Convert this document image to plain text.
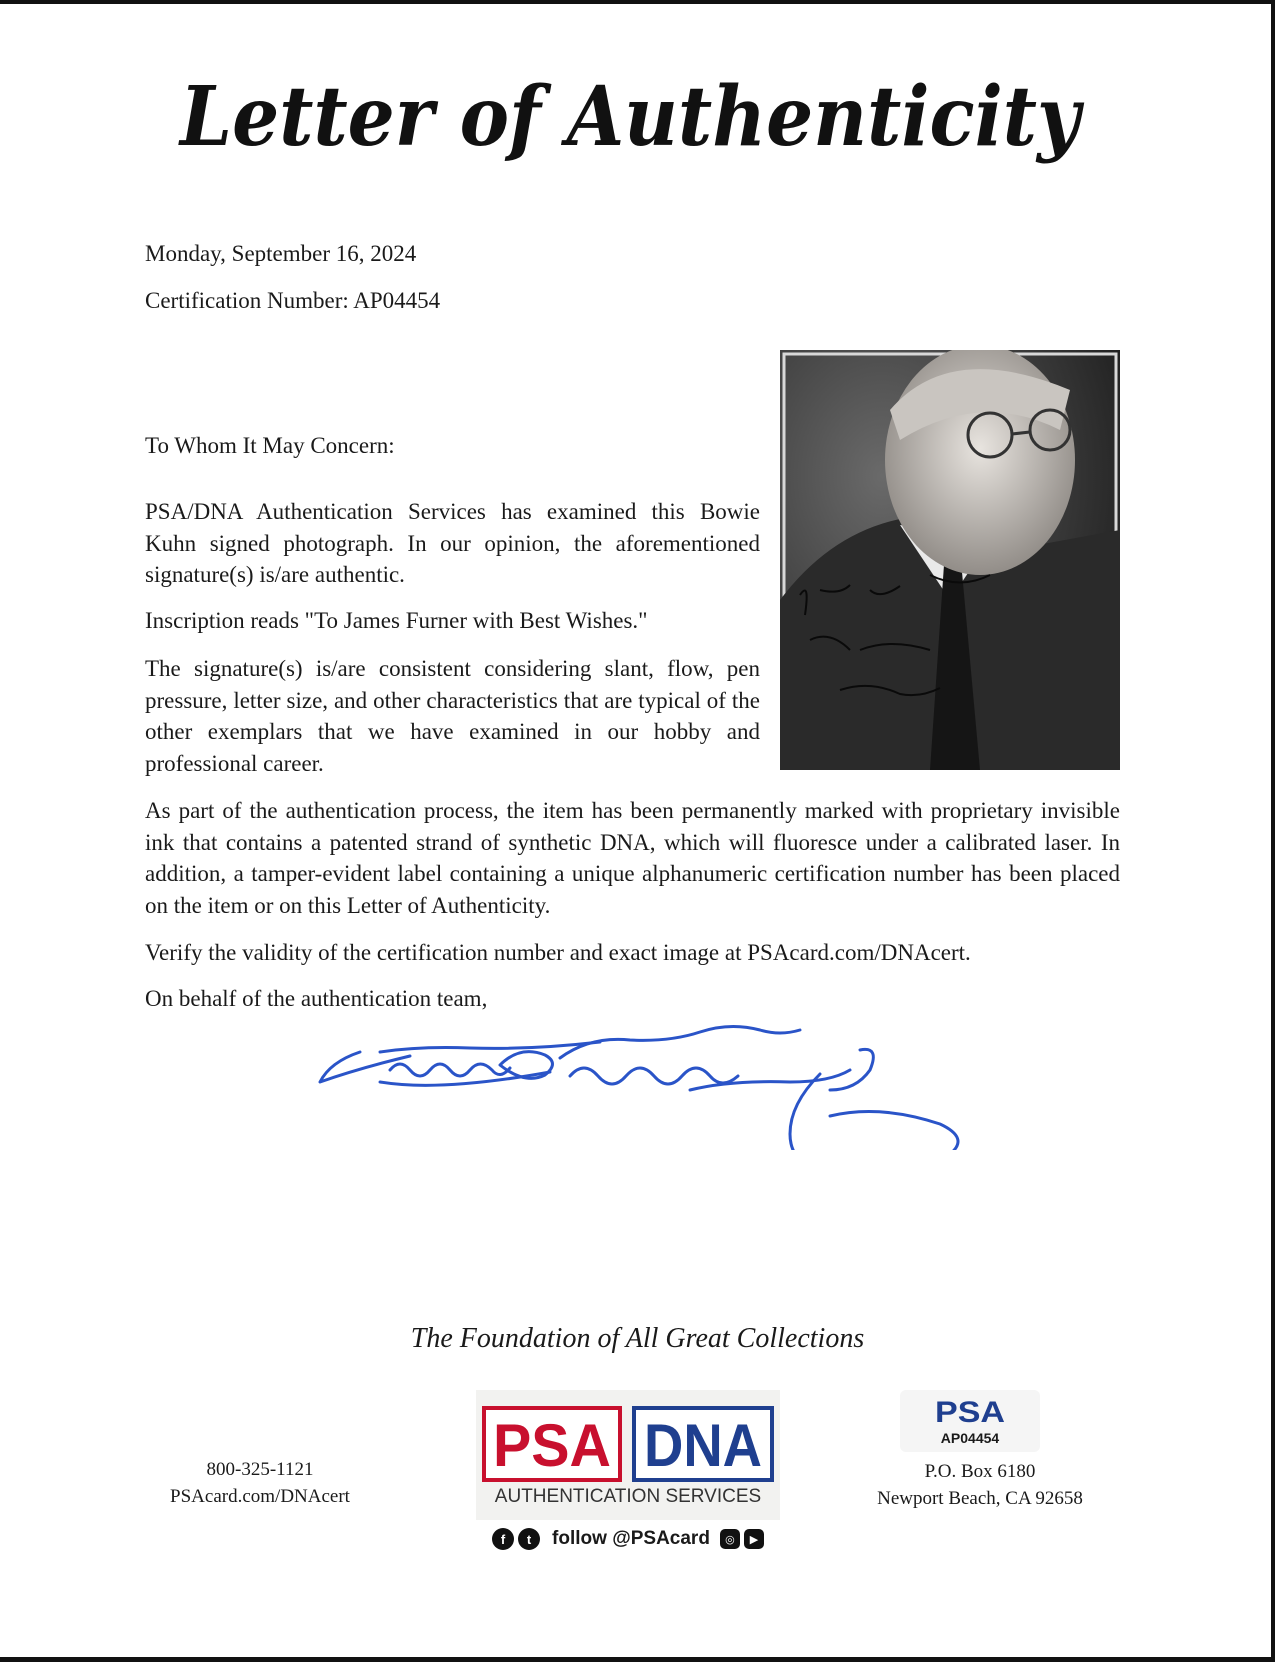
Letter of Authenticity
Monday, September 16, 2024
Certification Number: AP04454
To Whom It May Concern:

PSA/DNA Authentication Services has examined this Bowie Kuhn signed photograph. In our opinion, the aforementioned signature(s) is/are authentic.

Inscription reads "To James Furner with Best Wishes."

The signature(s) is/are consistent considering slant, flow, pen pressure, letter size, and other characteristics that are typical of the other exemplars that we have examined in our hobby and professional career.

As part of the authentication process, the item has been permanently marked with proprietary invisible ink that contains a patented strand of synthetic DNA, which will fluoresce under a calibrated laser. In addition, a tamper-evident label containing a unique alphanumeric certification number has been placed on the item or on this Letter of Authenticity.

Verify the validity of the certification number and exact image at PSAcard.com/DNAcert.

On behalf of the authentication team,

The Foundation of All Great Collections
800-325-1121
PSAcard.com/DNAcert
PSA DNA
AUTHENTICATION SERVICES
f	t	follow @PSAcard	◎	▶
PSA
AP04454
P.O. Box 6180
Newport Beach, CA 92658
